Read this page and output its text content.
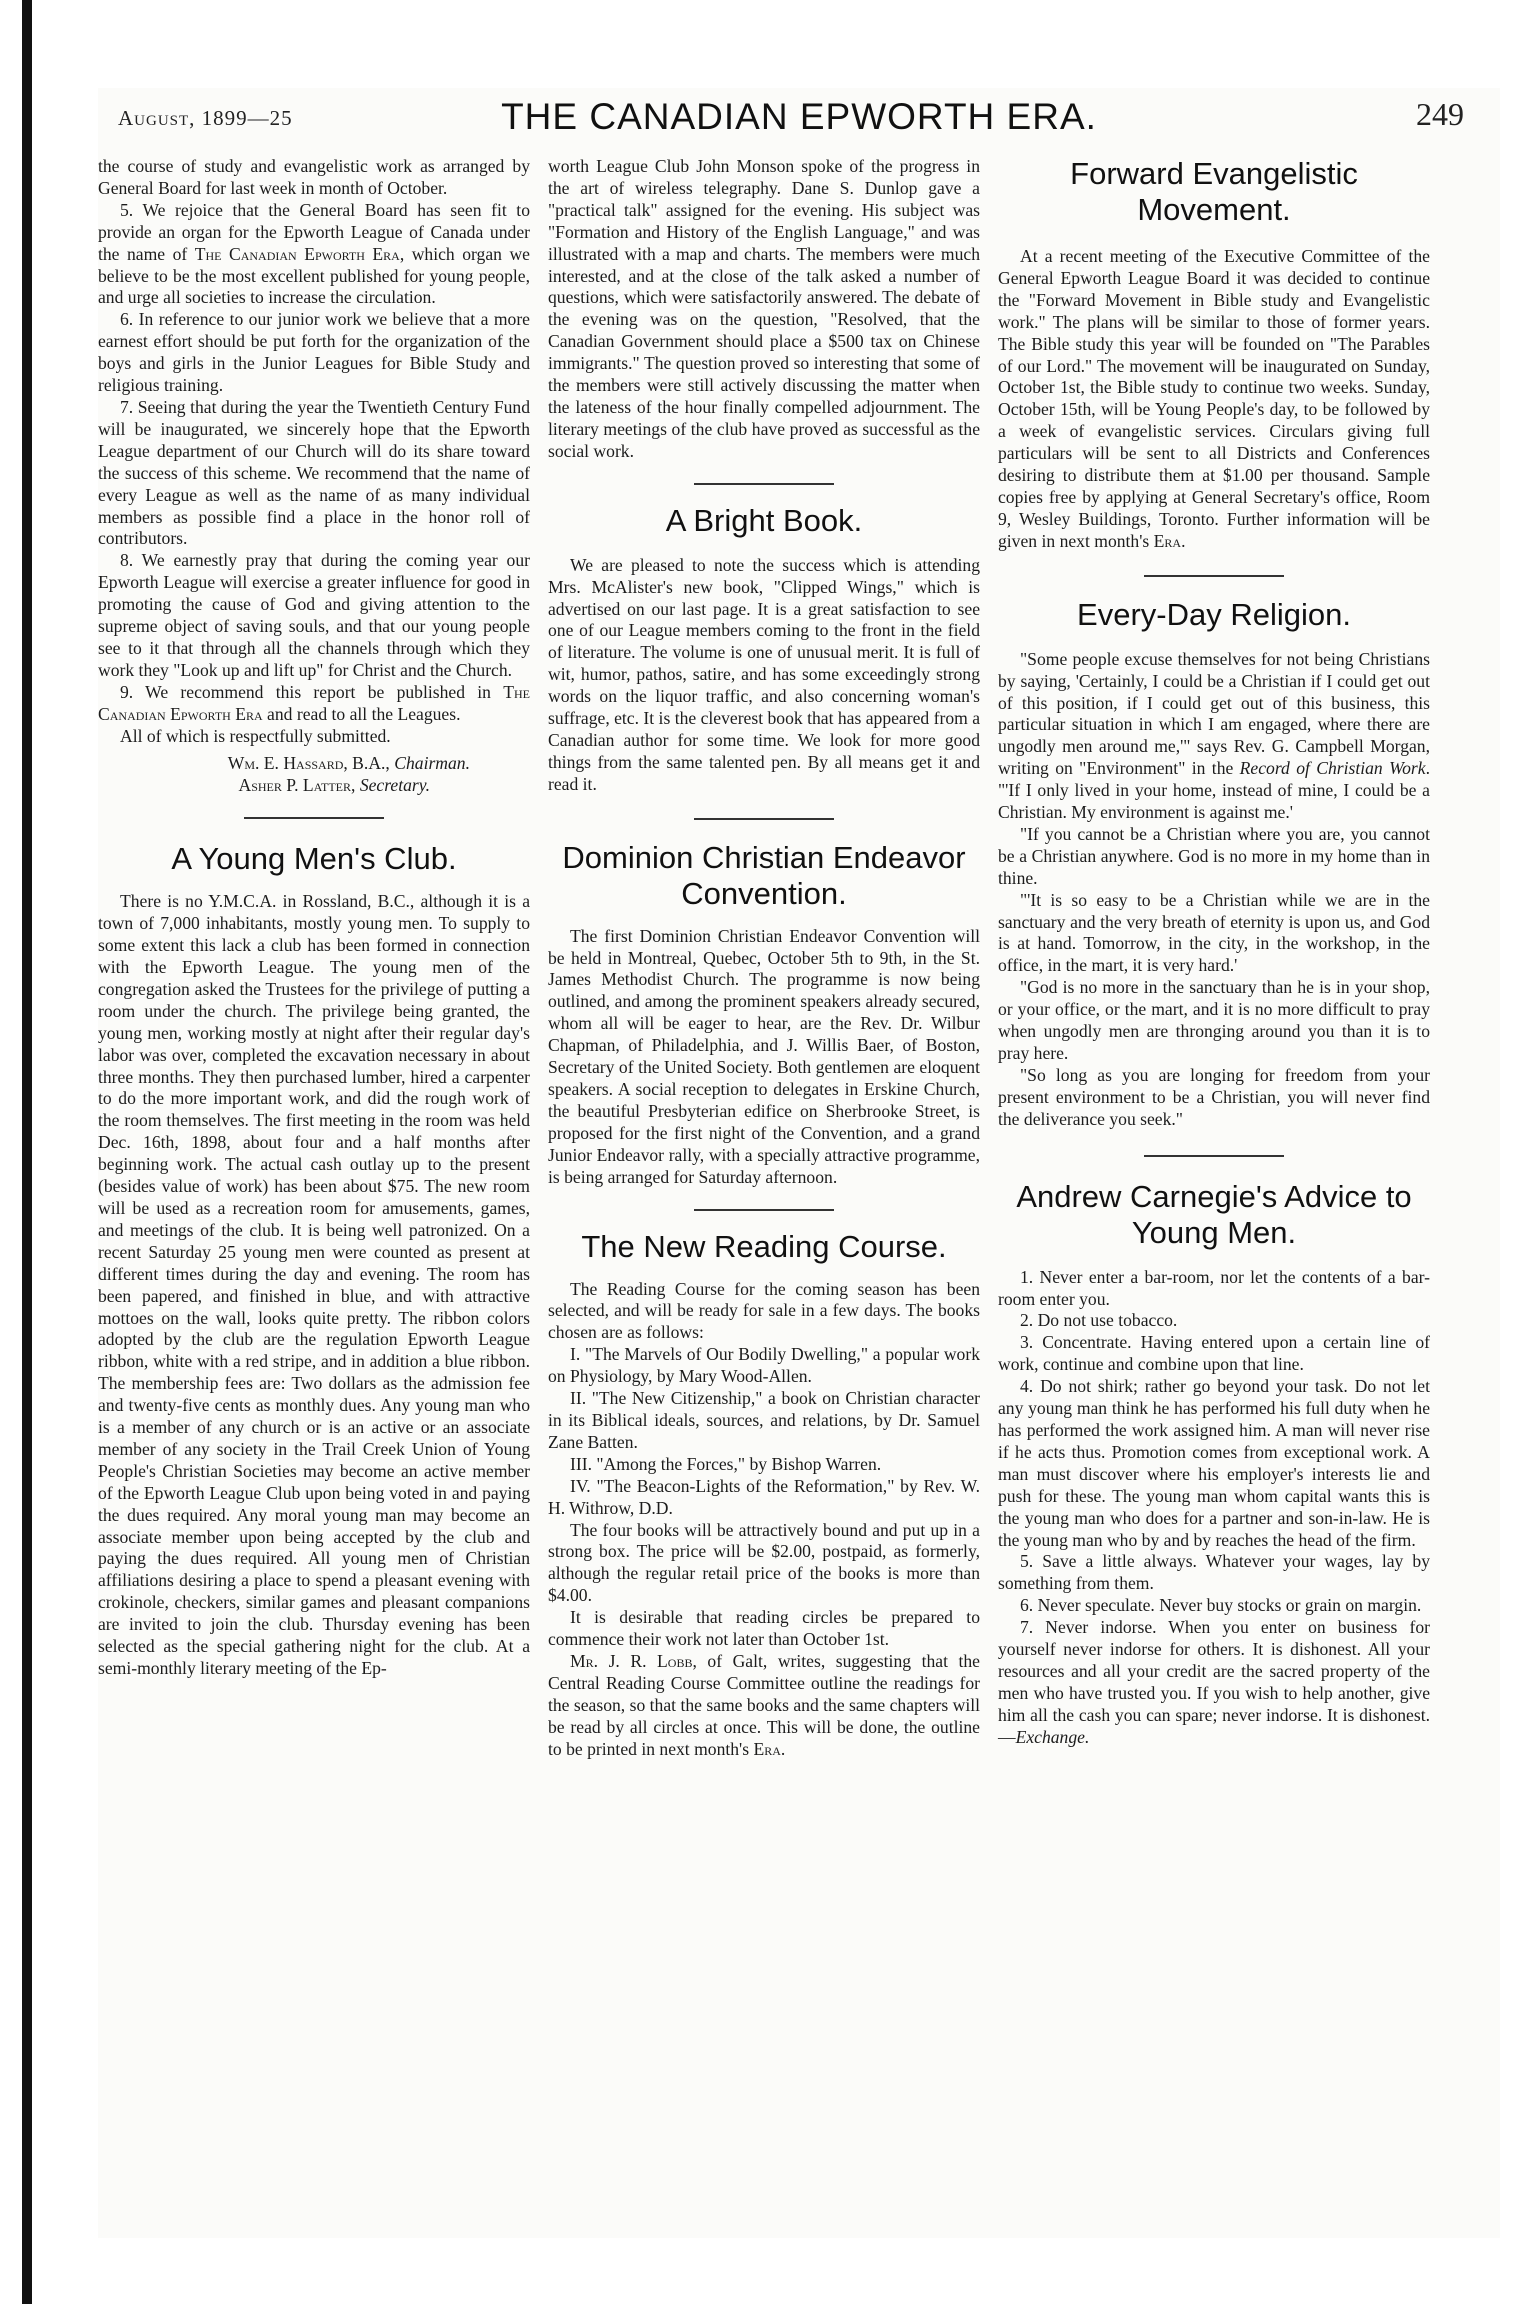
August, 1899—25	THE CANADIAN EPWORTH ERA.	249

the course of study and evangelistic work as arranged by General Board for last week in month of October.

5. We rejoice that the General Board has seen fit to provide an organ for the Epworth League of Canada under the name of The Canadian Epworth Era, which organ we believe to be the most excellent published for young people, and urge all societies to increase the circulation.

6. In reference to our junior work we believe that a more earnest effort should be put forth for the organization of the boys and girls in the Junior Leagues for Bible Study and religious training.

7. Seeing that during the year the Twentieth Century Fund will be inaugurated, we sincerely hope that the Epworth League department of our Church will do its share toward the success of this scheme. We recommend that the name of every League as well as the name of as many individual members as possible find a place in the honor roll of contributors.

8. We earnestly pray that during the coming year our Epworth League will exercise a greater influence for good in promoting the cause of God and giving attention to the supreme object of saving souls, and that our young people see to it that through all the channels through which they work they "Look up and lift up" for Christ and the Church.

9. We recommend this report be published in The Canadian Epworth Era and read to all the Leagues.

All of which is respectfully submitted.

Wm. E. Hassard, B.A., Chairman.

Asher P. Latter, Secretary.

A Young Men's Club.

There is no Y.M.C.A. in Rossland, B.C., although it is a town of 7,000 inhabitants, mostly young men. To supply to some extent this lack a club has been formed in connection with the Epworth League. The young men of the congregation asked the Trustees for the privilege of putting a room under the church. The privilege being granted, the young men, working mostly at night after their regular day's labor was over, completed the excavation necessary in about three months. They then purchased lumber, hired a carpenter to do the more important work, and did the rough work of the room themselves. The first meeting in the room was held Dec. 16th, 1898, about four and a half months after beginning work. The actual cash outlay up to the present (besides value of work) has been about $75. The new room will be used as a recreation room for amusements, games, and meetings of the club. It is being well patronized. On a recent Saturday 25 young men were counted as present at different times during the day and evening. The room has been papered, and finished in blue, and with attractive mottoes on the wall, looks quite pretty. The ribbon colors adopted by the club are the regulation Epworth League ribbon, white with a red stripe, and in addition a blue ribbon. The membership fees are: Two dollars as the admission fee and twenty-five cents as monthly dues. Any young man who is a member of any church or is an active or an associate member of any society in the Trail Creek Union of Young People's Christian Societies may become an active member of the Epworth League Club upon being voted in and paying the dues required. Any moral young man may become an associate member upon being accepted by the club and paying the dues required. All young men of Christian affiliations desiring a place to spend a pleasant evening with crokinole, checkers, similar games and pleasant companions are invited to join the club. Thursday evening has been selected as the special gathering night for the club. At a semi-monthly literary meeting of the Ep-

worth League Club John Monson spoke of the progress in the art of wireless telegraphy. Dane S. Dunlop gave a "practical talk" assigned for the evening. His subject was "Formation and History of the English Language," and was illustrated with a map and charts. The members were much interested, and at the close of the talk asked a number of questions, which were satisfactorily answered. The debate of the evening was on the question, "Resolved, that the Canadian Government should place a $500 tax on Chinese immigrants." The question proved so interesting that some of the members were still actively discussing the matter when the lateness of the hour finally compelled adjournment. The literary meetings of the club have proved as successful as the social work.

A Bright Book.

We are pleased to note the success which is attending Mrs. McAlister's new book, "Clipped Wings," which is advertised on our last page. It is a great satisfaction to see one of our League members coming to the front in the field of literature. The volume is one of unusual merit. It is full of wit, humor, pathos, satire, and has some exceedingly strong words on the liquor traffic, and also concerning woman's suffrage, etc. It is the cleverest book that has appeared from a Canadian author for some time. We look for more good things from the same talented pen. By all means get it and read it.

Dominion Christian Endeavor Convention.

The first Dominion Christian Endeavor Convention will be held in Montreal, Quebec, October 5th to 9th, in the St. James Methodist Church. The programme is now being outlined, and among the prominent speakers already secured, whom all will be eager to hear, are the Rev. Dr. Wilbur Chapman, of Philadelphia, and J. Willis Baer, of Boston, Secretary of the United Society. Both gentlemen are eloquent speakers. A social reception to delegates in Erskine Church, the beautiful Presbyterian edifice on Sherbrooke Street, is proposed for the first night of the Convention, and a grand Junior Endeavor rally, with a specially attractive programme, is being arranged for Saturday afternoon.

The New Reading Course.

The Reading Course for the coming season has been selected, and will be ready for sale in a few days. The books chosen are as follows:

I. "The Marvels of Our Bodily Dwelling," a popular work on Physiology, by Mary Wood-Allen.

II. "The New Citizenship," a book on Christian character in its Biblical ideals, sources, and relations, by Dr. Samuel Zane Batten.

III. "Among the Forces," by Bishop Warren.

IV. "The Beacon-Lights of the Reformation," by Rev. W. H. Withrow, D.D.

The four books will be attractively bound and put up in a strong box. The price will be $2.00, postpaid, as formerly, although the regular retail price of the books is more than $4.00.

It is desirable that reading circles be prepared to commence their work not later than October 1st.

Mr. J. R. Lobb, of Galt, writes, suggesting that the Central Reading Course Committee outline the readings for the season, so that the same books and the same chapters will be read by all circles at once. This will be done, the outline to be printed in next month's Era.

Forward Evangelistic Movement.

At a recent meeting of the Executive Committee of the General Epworth League Board it was decided to continue the "Forward Movement in Bible study and Evangelistic work." The plans will be similar to those of former years. The Bible study this year will be founded on "The Parables of our Lord." The movement will be inaugurated on Sunday, October 1st, the Bible study to continue two weeks. Sunday, October 15th, will be Young People's day, to be followed by a week of evangelistic services. Circulars giving full particulars will be sent to all Districts and Conferences desiring to distribute them at $1.00 per thousand. Sample copies free by applying at General Secretary's office, Room 9, Wesley Buildings, Toronto. Further information will be given in next month's Era.

Every-Day Religion.

"Some people excuse themselves for not being Christians by saying, 'Certainly, I could be a Christian if I could get out of this position, if I could get out of this business, this particular situation in which I am engaged, where there are ungodly men around me,'" says Rev. G. Campbell Morgan, writing on "Environment" in the Record of Christian Work. "'If I only lived in your home, instead of mine, I could be a Christian. My environment is against me.'

"If you cannot be a Christian where you are, you cannot be a Christian anywhere. God is no more in my home than in thine.

"'It is so easy to be a Christian while we are in the sanctuary and the very breath of eternity is upon us, and God is at hand. Tomorrow, in the city, in the workshop, in the office, in the mart, it is very hard.'

"God is no more in the sanctuary than he is in your shop, or your office, or the mart, and it is no more difficult to pray when ungodly men are thronging around you than it is to pray here.

"So long as you are longing for freedom from your present environment to be a Christian, you will never find the deliverance you seek."

Andrew Carnegie's Advice to Young Men.

1. Never enter a bar-room, nor let the contents of a bar-room enter you.

2. Do not use tobacco.

3. Concentrate. Having entered upon a certain line of work, continue and combine upon that line.

4. Do not shirk; rather go beyond your task. Do not let any young man think he has performed his full duty when he has performed the work assigned him. A man will never rise if he acts thus. Promotion comes from exceptional work. A man must discover where his employer's interests lie and push for these. The young man whom capital wants this is the young man who does for a partner and son-in-law. He is the young man who by and by reaches the head of the firm.

5. Save a little always. Whatever your wages, lay by something from them.

6. Never speculate. Never buy stocks or grain on margin.

7. Never indorse. When you enter on business for yourself never indorse for others. It is dishonest. All your resources and all your credit are the sacred property of the men who have trusted you. If you wish to help another, give him all the cash you can spare; never indorse. It is dishonest.—Exchange.
